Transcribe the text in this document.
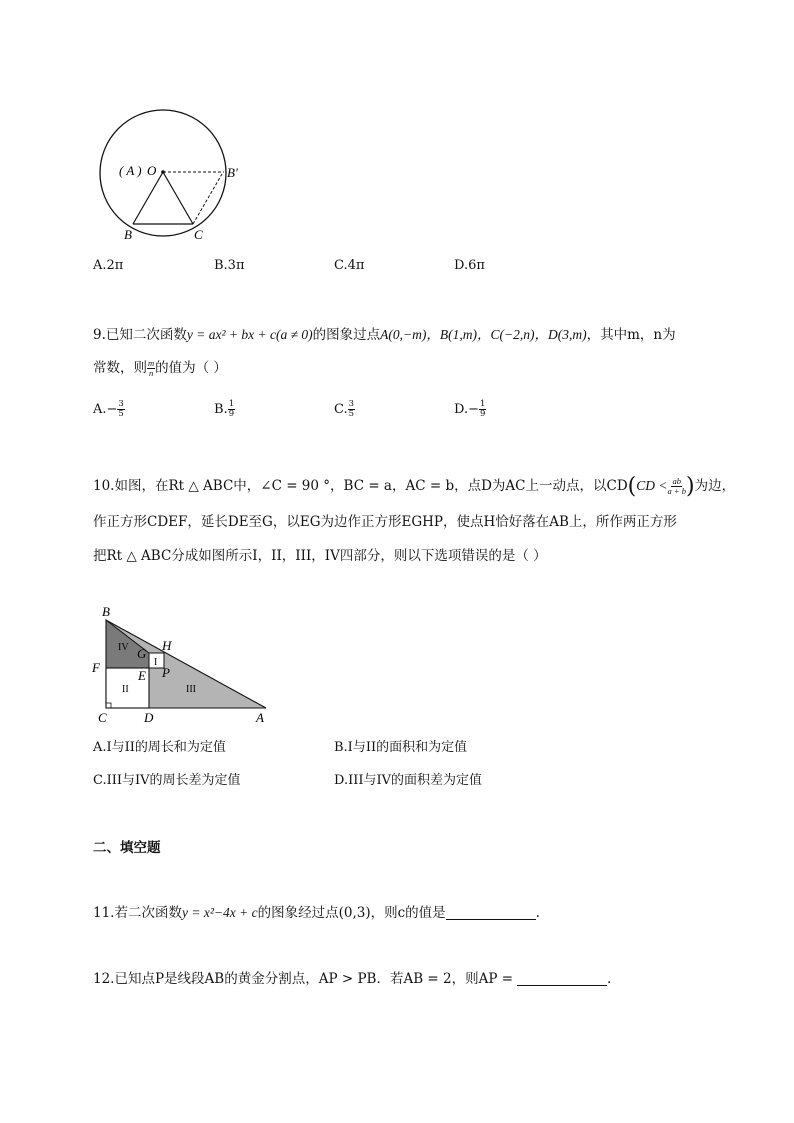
( A ) O	B′
B	C
A.2π	B.3π	C.4π	D.6π
9.已知二次函数y = ax² + bx + c(a ≠ 0)的图象过点A(0,−m)，B(1,m)，C(−2,n)，D(3,m)，其中m，n为
常数，则 $\frac{m}{n}$ 的值为（ ）
$A.- \frac{3}{5}$	B. $\frac{1}{9}$	C. $\frac{3}{5}$	$D.- \frac{1}{9}$
10.如图，在Rt △ ABC中，∠C = 90 °，BC = a，AC = b，点D为AC上一动点，以$CD(CD < \frac{ab}{a + b}$ )为边，
作正方形CDEF，延长DE至G，以EG为边作正方形EGHP，使点H恰好落在AB上，所作两正方形
把Rt △ ABC分成如图所示I，II，III，IV四部分，则以下选项错误的是（ ）
B
H
G
I
IV
F
E P
II	III
C	D	A
A.I与II的周长和为定值	B.I与II的面积和为定值
C.III与IV的周长差为定值	D.III与IV的面积差为定值
二、填空题
11.若二次函数y = x²−4x + c的图象经过点(0,3)，则c的值是	.
12.已知点P是线段AB的黄金分割点，AP > PB．若AB = 2，则AP =	.
